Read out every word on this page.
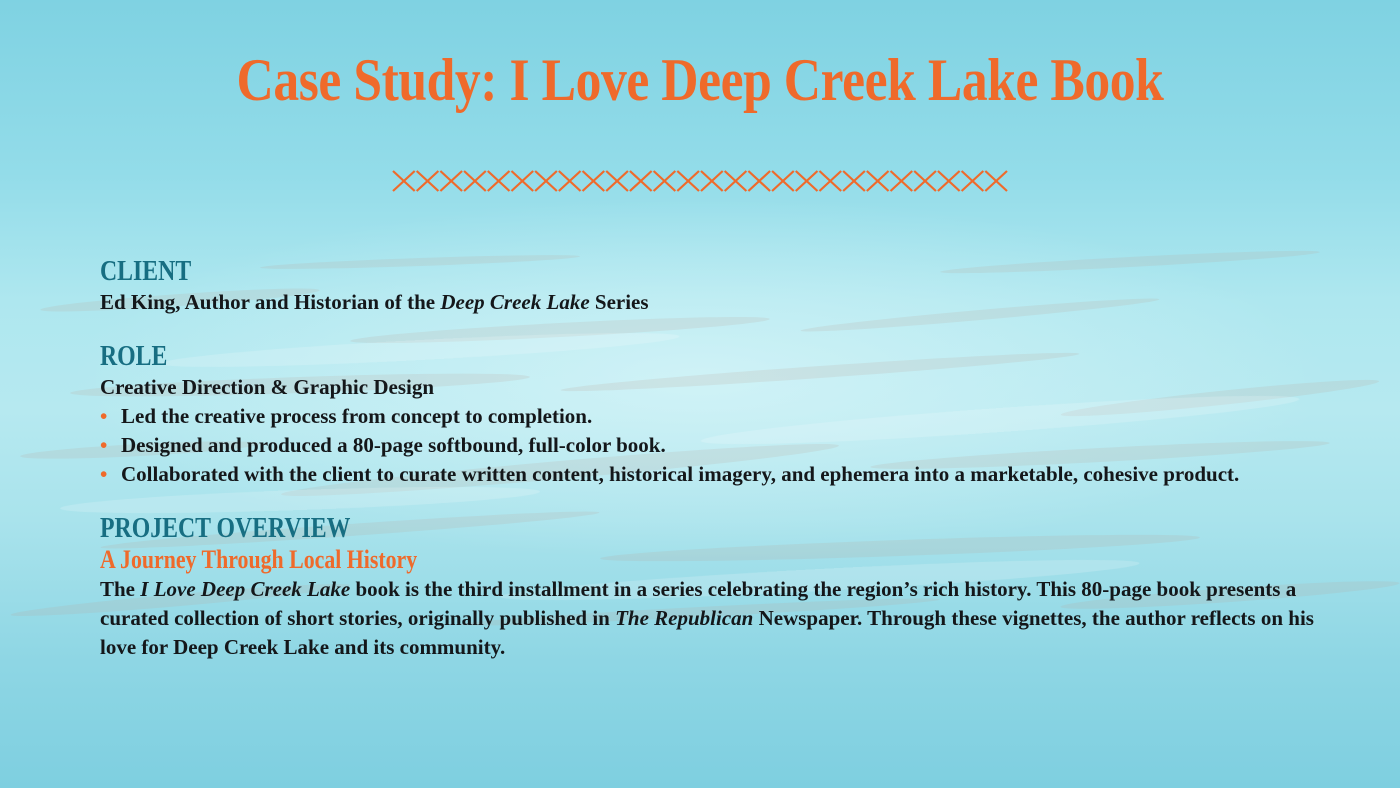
Case Study: I Love Deep Creek Lake Book
CLIENT

Ed King, Author and Historian of the Deep Creek Lake Series

ROLE

Creative Direction & Graphic Design

• Led the creative process from concept to completion.
• Designed and produced a 80-page softbound, full-color book.
• Collaborated with the client to curate written content, historical imagery, and ephemera into a marketable, cohesive product.
PROJECT OVERVIEW
A Journey Through Local History

The I Love Deep Creek Lake book is the third installment in a series celebrating the region’s rich history. This 80-page book presents a curated collection of short stories, originally published in The Republican Newspaper. Through these vignettes, the author reflects on his love for Deep Creek Lake and its community.
